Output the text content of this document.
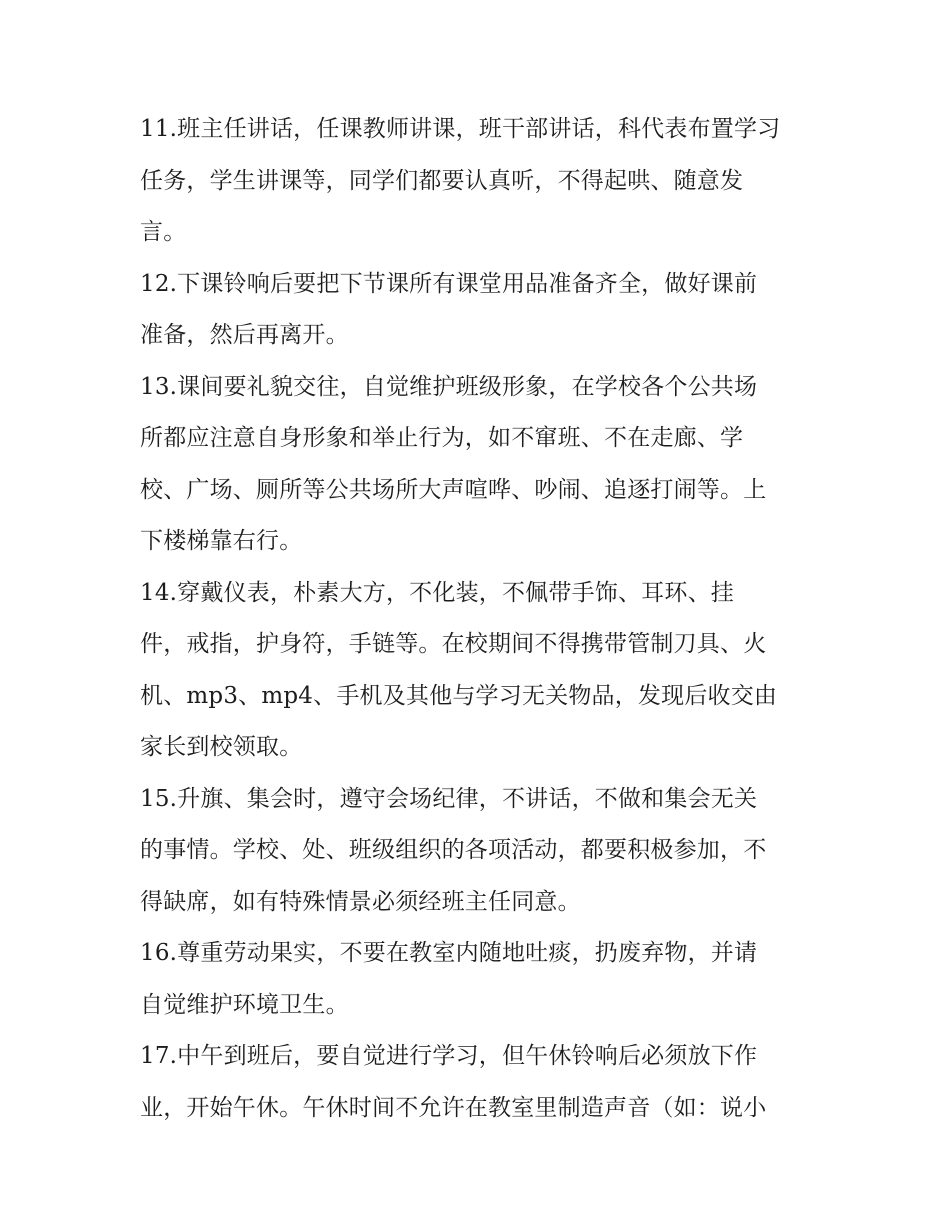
11.班主任讲话，任课教师讲课，班干部讲话，科代表布置学习
任务，学生讲课等，同学们都要认真听，不得起哄、随意发
言。
12.下课铃响后要把下节课所有课堂用品准备齐全，做好课前
准备，然后再离开。
13.课间要礼貌交往，自觉维护班级形象，在学校各个公共场
所都应注意自身形象和举止行为，如不窜班、不在走廊、学
校、广场、厕所等公共场所大声喧哗、吵闹、追逐打闹等。上
下楼梯靠右行。
14.穿戴仪表，朴素大方，不化装，不佩带手饰、耳环、挂
件，戒指，护身符，手链等。在校期间不得携带管制刀具、火
机、mp3、mp4、手机及其他与学习无关物品，发现后收交由
家长到校领取。
15.升旗、集会时，遵守会场纪律，不讲话，不做和集会无关
的事情。学校、处、班级组织的各项活动，都要积极参加，不
得缺席，如有特殊情景必须经班主任同意。
16.尊重劳动果实，不要在教室内随地吐痰，扔废弃物，并请
自觉维护环境卫生。
17.中午到班后，要自觉进行学习，但午休铃响后必须放下作
业，开始午休。午休时间不允许在教室里制造声音（如：说小
